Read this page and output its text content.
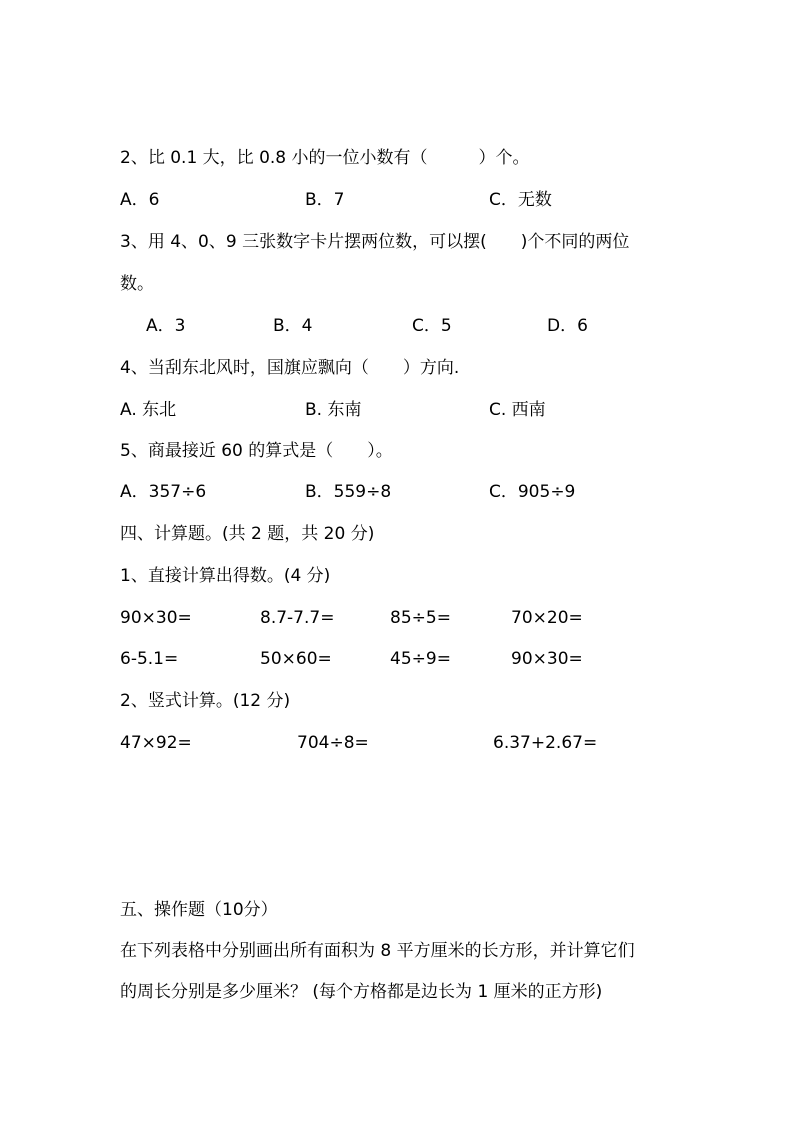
2、比 0.1 大，比 0.8 小的一位小数有（　　　）个。
A．6	B．7	C．无数
3、用 4、0、9 三张数字卡片摆两位数，可以摆(　　)个不同的两位
数。
A．3	B．4	C．5	D．6
4、当刮东北风时，国旗应飘向（　　）方向.
A. 东北	B. 东南	C. 西南
5、商最接近 60 的算式是（　　）。
A．357÷6	B．559÷8	C．905÷9
四、计算题。(共 2 题，共 20 分)
1、直接计算出得数。(4 分)
90×30=	8.7-7.7=	85÷5=	70×20=
6-5.1=	50×60=	45÷9=	90×30=
2、竖式计算。(12 分)
47×92=	704÷8=	6.37+2.67=
五、操作题（10分）
在下列表格中分别画出所有面积为 8 平方厘米的长方形，并计算它们
的周长分别是多少厘米？ (每个方格都是边长为 1 厘米的正方形)
